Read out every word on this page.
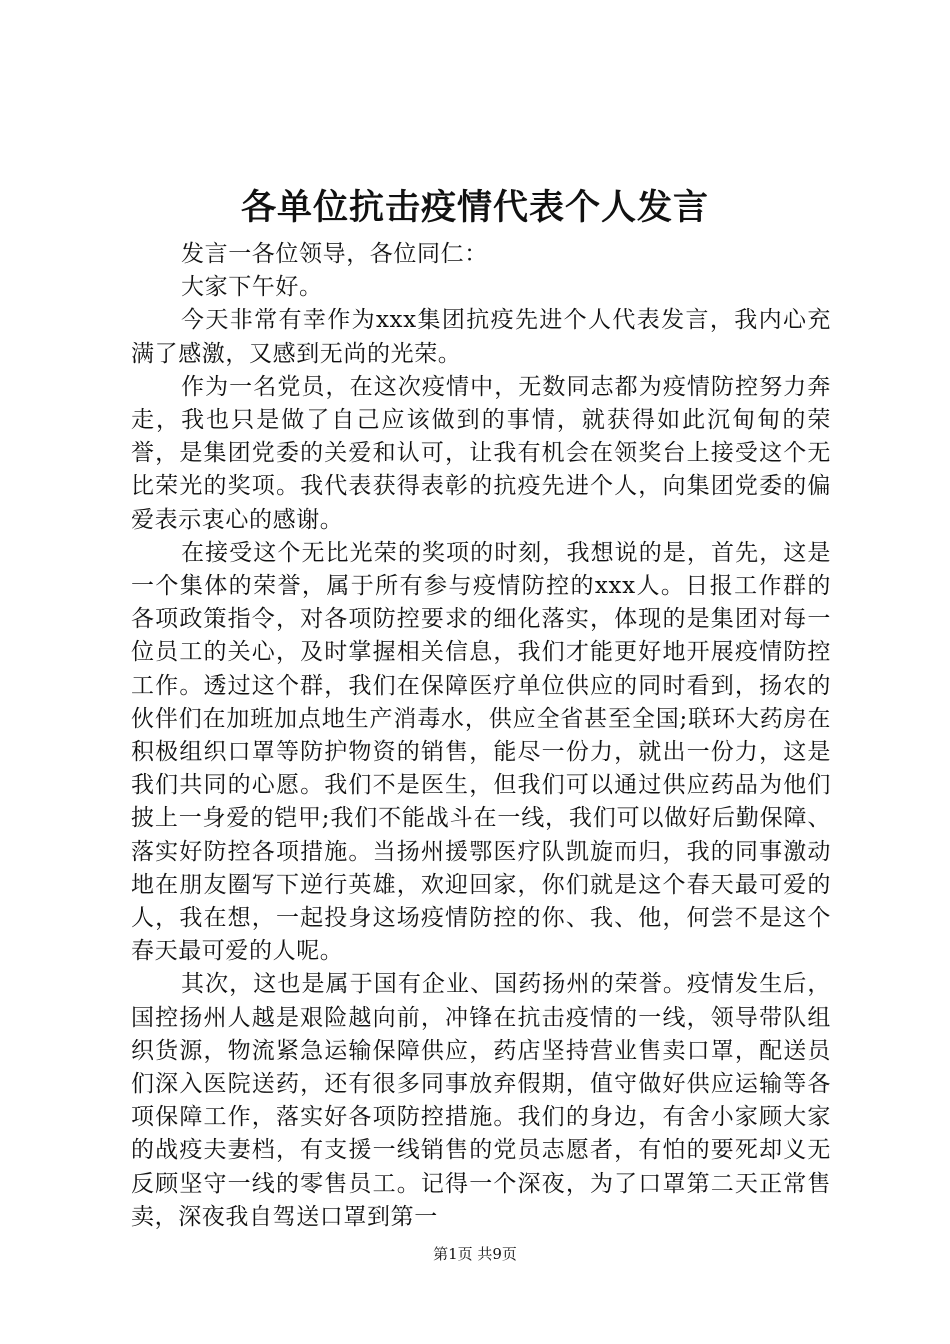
各单位抗击疫情代表个人发言

发言一各位领导，各位同仁：

大家下午好。

今天非常有幸作为xxx集团抗疫先进个人代表发言，我内心充满了感激，又感到无尚的光荣。

作为一名党员，在这次疫情中，无数同志都为疫情防控努力奔走，我也只是做了自己应该做到的事情，就获得如此沉甸甸的荣誉，是集团党委的关爱和认可，让我有机会在领奖台上接受这个无比荣光的奖项。我代表获得表彰的抗疫先进个人，向集团党委的偏爱表示衷心的感谢。

在接受这个无比光荣的奖项的时刻，我想说的是，首先，这是一个集体的荣誉，属于所有参与疫情防控的xxx人。日报工作群的各项政策指令，对各项防控要求的细化落实，体现的是集团对每一位员工的关心，及时掌握相关信息，我们才能更好地开展疫情防控工作。透过这个群，我们在保障医疗单位供应的同时看到，扬农的伙伴们在加班加点地生产消毒水，供应全省甚至全国;联环大药房在积极组织口罩等防护物资的销售，能尽一份力，就出一份力，这是我们共同的心愿。我们不是医生，但我们可以通过供应药品为他们披上一身爱的铠甲;我们不能战斗在一线，我们可以做好后勤保障、落实好防控各项措施。当扬州援鄂医疗队凯旋而归，我的同事激动地在朋友圈写下逆行英雄，欢迎回家，你们就是这个春天最可爱的人，我在想，一起投身这场疫情防控的你、我、他，何尝不是这个春天最可爱的人呢。

其次，这也是属于国有企业、国药扬州的荣誉。疫情发生后，国控扬州人越是艰险越向前，冲锋在抗击疫情的一线，领导带队组织货源，物流紧急运输保障供应，药店坚持营业售卖口罩，配送员们深入医院送药，还有很多同事放弃假期，值守做好供应运输等各项保障工作，落实好各项防控措施。我们的身边，有舍小家顾大家的战疫夫妻档，有支援一线销售的党员志愿者，有怕的要死却义无反顾坚守一线的零售员工。记得一个深夜，为了口罩第二天正常售卖，深夜我自驾送口罩到第一

第1页 共9页
